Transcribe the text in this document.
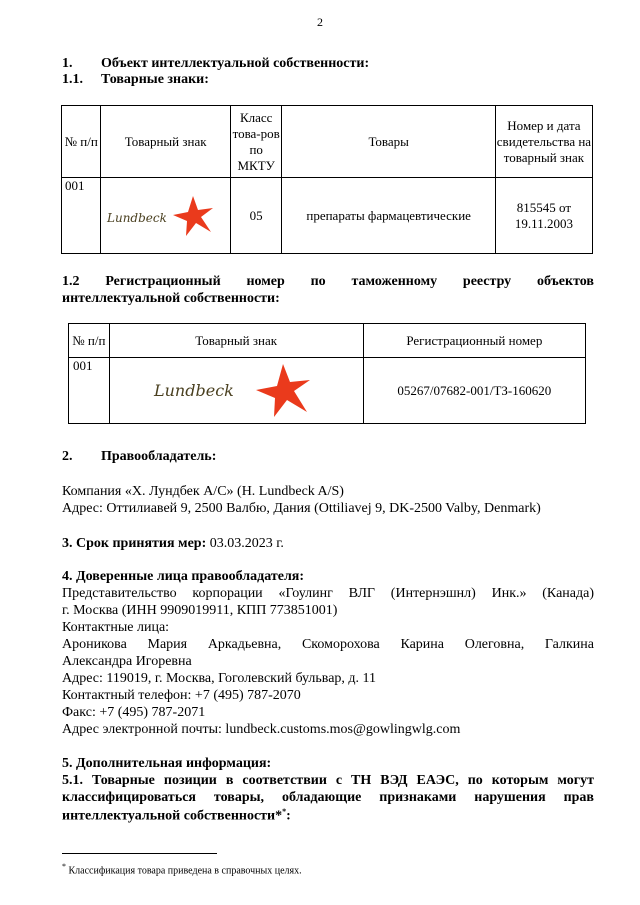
2
1. Объект интеллектуальной собственности:
1.1. Товарные знаки:
№ п/п	Товарный знак	Класс това-ров по МКТУ	Товары	Номер и дата свидетельства на товарный знак
001	Lundbeck	05	препараты фармацевтические	815545 от 19.11.2003
1.2 Регистрационный номер по таможенному реестру объектов
интеллектуальной собственности:
№ п/п	Товарный знак	Регистрационный номер
001	Lundbeck	05267/07682-001/ТЗ-160620
2. Правообладатель:
Компания «Х. Лундбек А/С» (H. Lundbeck A/S)
Адрес: Оттилиавей 9, 2500 Валбю, Дания (Ottiliavej 9, DK-2500 Valby, Denmark)
3. Срок принятия мер: 03.03.2023 г.
4. Доверенные лица правообладателя:
Представительство корпорации «Гоулинг ВЛГ (Интернэшнл) Инк.» (Канада)
г. Москва (ИНН 9909019911, КПП 773851001)
Контактные лица:
Ароникова Мария Аркадьевна, Скоморохова Карина Олеговна, Галкина
Александра Игоревна
Адрес: 119019, г. Москва, Гоголевский бульвар, д. 11
Контактный телефон: +7 (495) 787-2070
Факс: +7 (495) 787-2071
Адрес электронной почты: lundbeck.customs.mos@gowlingwlg.com
5. Дополнительная информация:
5.1. Товарные позиции в соответствии с ТН ВЭД ЕАЭС, по которым могут
классифицироваться товары, обладающие признаками нарушения прав
интеллектуальной собственности**:
* Классификация товара приведена в справочных целях.
